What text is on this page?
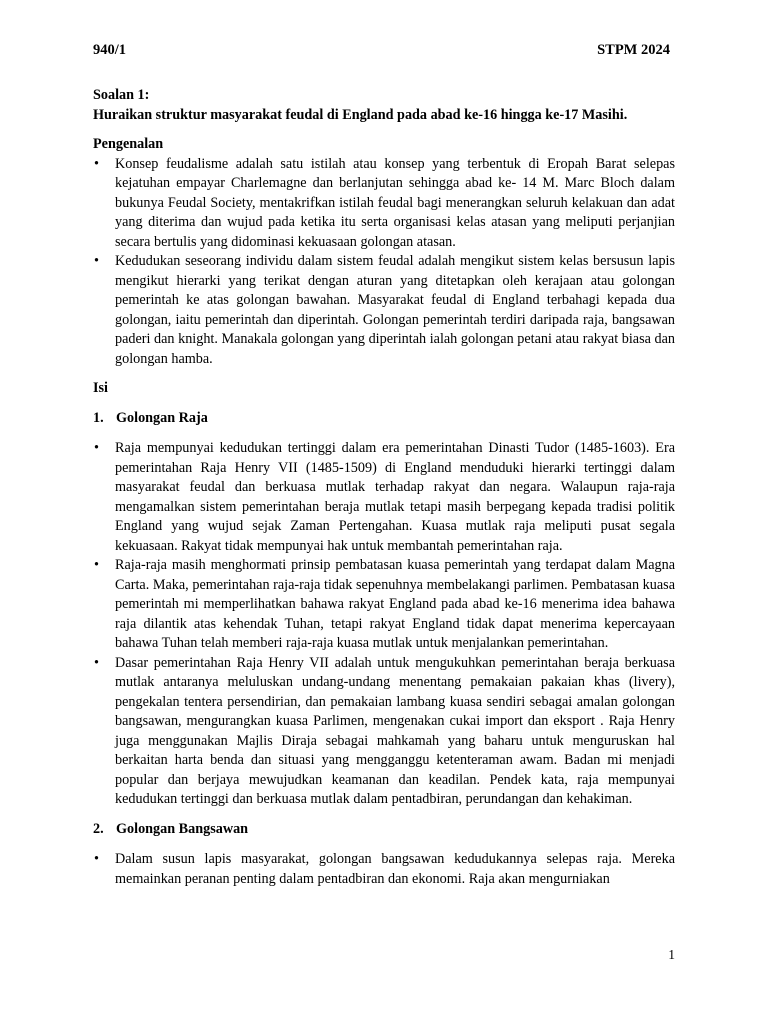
940/1	STPM 2024
Soalan 1:
Huraikan struktur masyarakat feudal di England pada abad ke-16 hingga ke-17 Masihi.
Pengenalan
• Konsep feudalisme adalah satu istilah atau konsep yang terbentuk di Eropah Barat selepas kejatuhan empayar Charlemagne dan berlanjutan sehingga abad ke- 14 M. Marc Bloch dalam bukunya Feudal Society, mentakrifkan istilah feudal bagi menerangkan seluruh kelakuan dan adat yang diterima dan wujud pada ketika itu serta organisasi kelas atasan yang meliputi perjanjian secara bertulis yang didominasi kekuasaan golongan atasan.
• Kedudukan seseorang individu dalam sistem feudal adalah mengikut sistem kelas bersusun lapis mengikut hierarki yang terikat dengan aturan yang ditetapkan oleh kerajaan atau golongan pemerintah ke atas golongan bawahan. Masyarakat feudal di England terbahagi kepada dua golongan, iaitu pemerintah dan diperintah. Golongan pemerintah terdiri daripada raja, bangsawan paderi dan knight. Manakala golongan yang diperintah ialah golongan petani atau rakyat biasa dan golongan hamba.
Isi
1. Golongan Raja
• Raja mempunyai kedudukan tertinggi dalam era pemerintahan Dinasti Tudor (1485-1603). Era pemerintahan Raja Henry VII (1485-1509) di England menduduki hierarki tertinggi dalam masyarakat feudal dan berkuasa mutlak terhadap rakyat dan negara. Walaupun raja-raja mengamalkan sistem pemerintahan beraja mutlak tetapi masih berpegang kepada tradisi politik England yang wujud sejak Zaman Pertengahan. Kuasa mutlak raja meliputi pusat segala kekuasaan. Rakyat tidak mempunyai hak untuk membantah pemerintahan raja.
• Raja-raja masih menghormati prinsip pembatasan kuasa pemerintah yang terdapat dalam Magna Carta. Maka, pemerintahan raja-raja tidak sepenuhnya membelakangi parlimen. Pembatasan kuasa pemerintah mi memperlihatkan bahawa rakyat England pada abad ke-16 menerima idea bahawa raja dilantik atas kehendak Tuhan, tetapi rakyat England tidak dapat menerima kepercayaan bahawa Tuhan telah memberi raja-raja kuasa mutlak untuk menjalankan pemerintahan.
• Dasar pemerintahan Raja Henry VII adalah untuk mengukuhkan pemerintahan beraja berkuasa mutlak antaranya meluluskan undang-undang menentang pemakaian pakaian khas (livery), pengekalan tentera persendirian, dan pemakaian lambang kuasa sendiri sebagai amalan golongan bangsawan, mengurangkan kuasa Parlimen, mengenakan cukai import dan eksport . Raja Henry juga menggunakan Majlis Diraja sebagai mahkamah yang baharu untuk menguruskan hal berkaitan harta benda dan situasi yang mengganggu ketenteraman awam. Badan mi menjadi popular dan berjaya mewujudkan keamanan dan keadilan. Pendek kata, raja mempunyai kedudukan tertinggi dan berkuasa mutlak dalam pentadbiran, perundangan dan kehakiman.
2. Golongan Bangsawan
• Dalam susun lapis masyarakat, golongan bangsawan kedudukannya selepas raja. Mereka memainkan peranan penting dalam pentadbiran dan ekonomi. Raja akan mengurniakan
1
